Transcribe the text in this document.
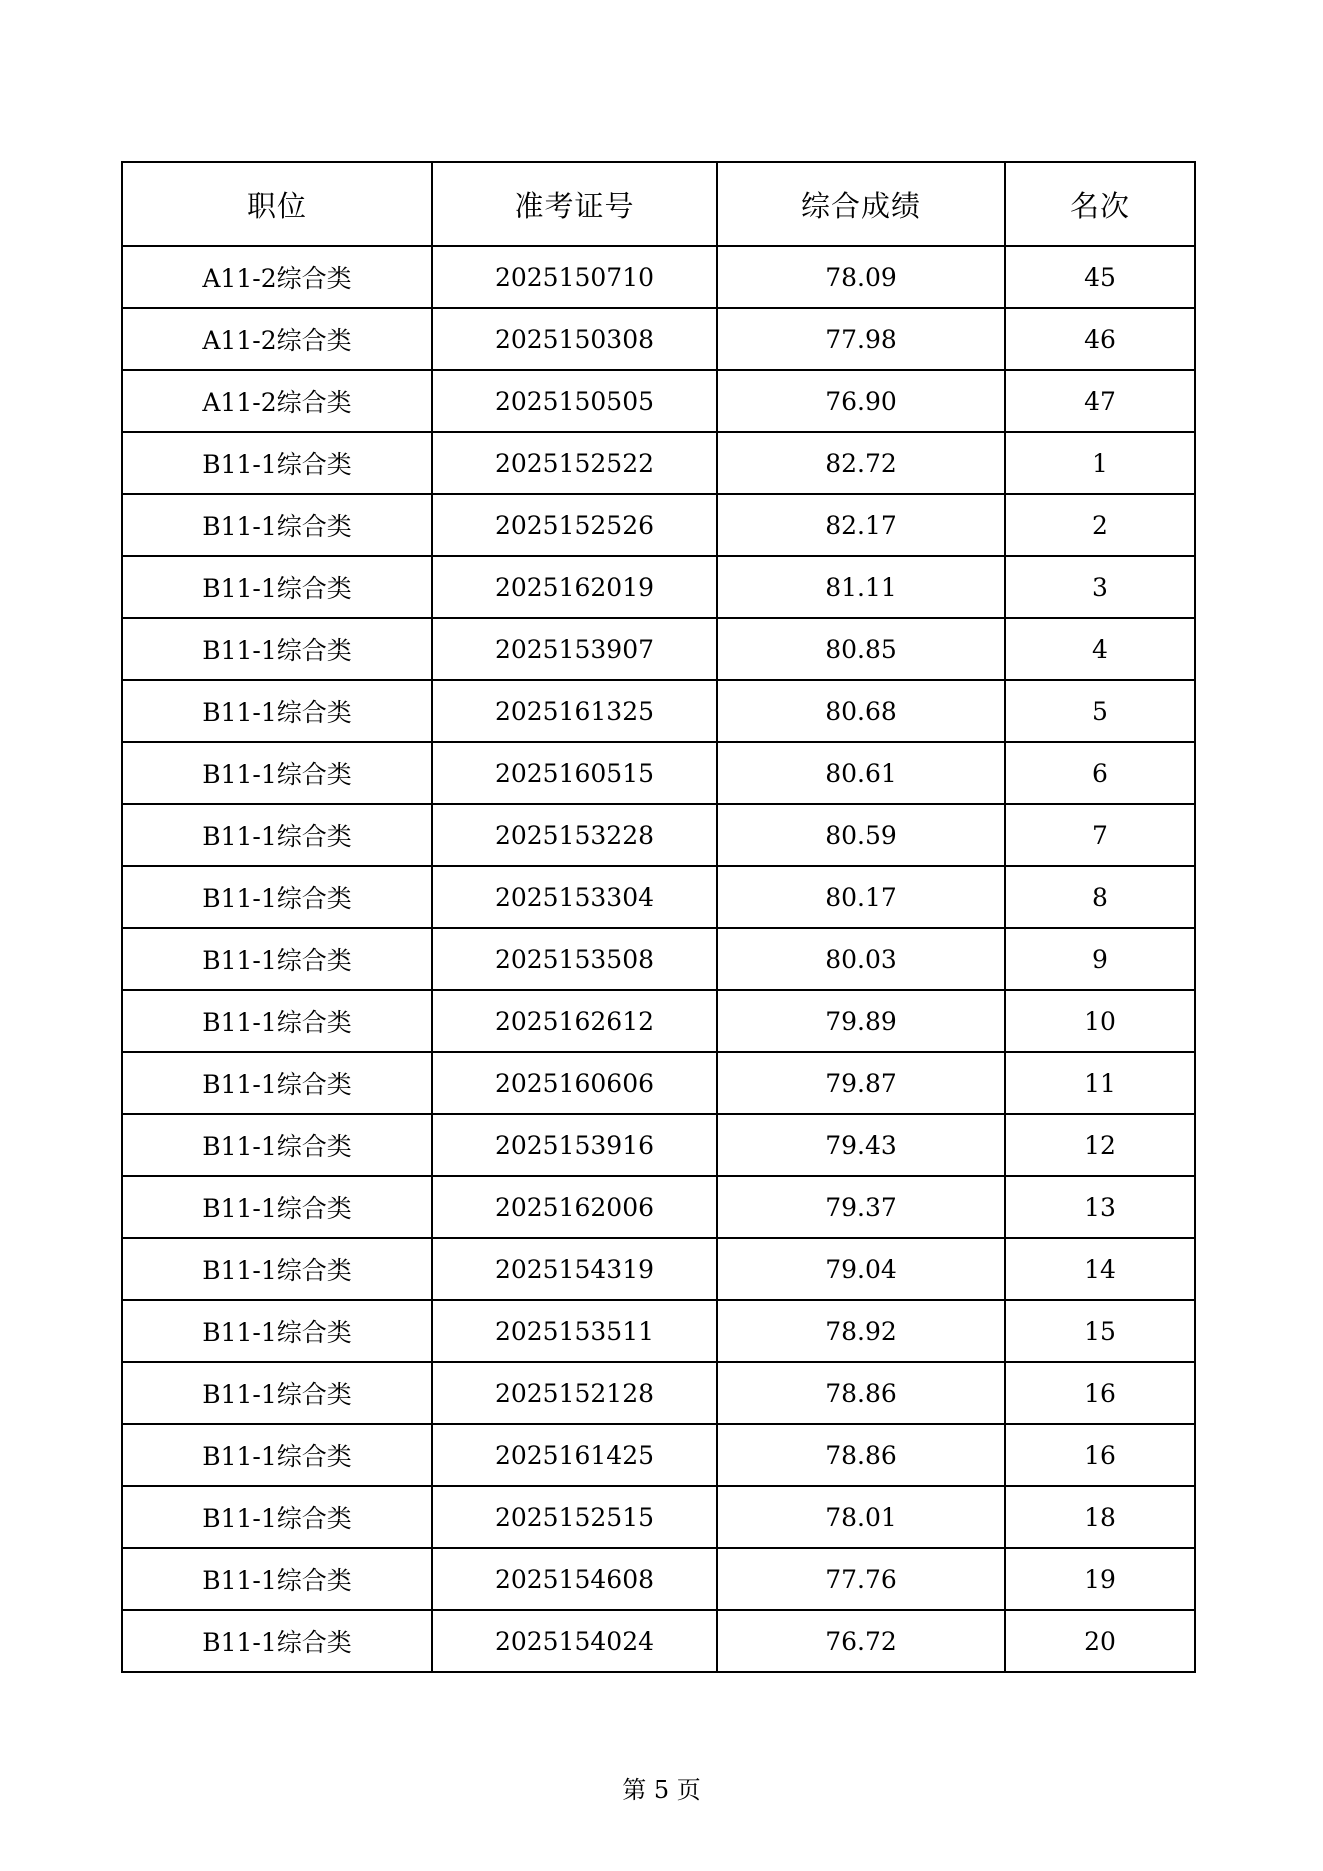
职位	准考证号	综合成绩	名次
A11-2综合类	2025150710	78.09	45
A11-2综合类	2025150308	77.98	46
A11-2综合类	2025150505	76.90	47
B11-1综合类	2025152522	82.72	1
B11-1综合类	2025152526	82.17	2
B11-1综合类	2025162019	81.11	3
B11-1综合类	2025153907	80.85	4
B11-1综合类	2025161325	80.68	5
B11-1综合类	2025160515	80.61	6
B11-1综合类	2025153228	80.59	7
B11-1综合类	2025153304	80.17	8
B11-1综合类	2025153508	80.03	9
B11-1综合类	2025162612	79.89	10
B11-1综合类	2025160606	79.87	11
B11-1综合类	2025153916	79.43	12
B11-1综合类	2025162006	79.37	13
B11-1综合类	2025154319	79.04	14
B11-1综合类	2025153511	78.92	15
B11-1综合类	2025152128	78.86	16
B11-1综合类	2025161425	78.86	16
B11-1综合类	2025152515	78.01	18
B11-1综合类	2025154608	77.76	19
B11-1综合类	2025154024	76.72	20
第 5 页
